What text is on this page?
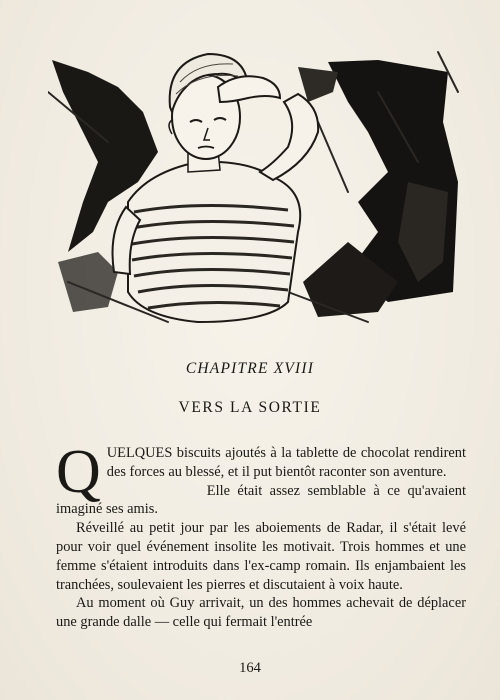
CHAPITRE XVIII
VERS LA SORTIE

QUELQUES biscuits ajoutés à la tablette de chocolat rendirent des forces au blessé, et il put bientôt raconter son aventure.

Elle était assez semblable à ce qu'avaient imaginé ses amis.

Réveillé au petit jour par les aboiements de Radar, il s'était levé pour voir quel événement insolite les motivait. Trois hommes et une femme s'étaient introduits dans l'ex-camp romain. Ils enjambaient les tranchées, soulevaient les pierres et discutaient à voix haute.

Au moment où Guy arrivait, un des hommes achevait de déplacer une grande dalle — celle qui fermait l'entrée

164
